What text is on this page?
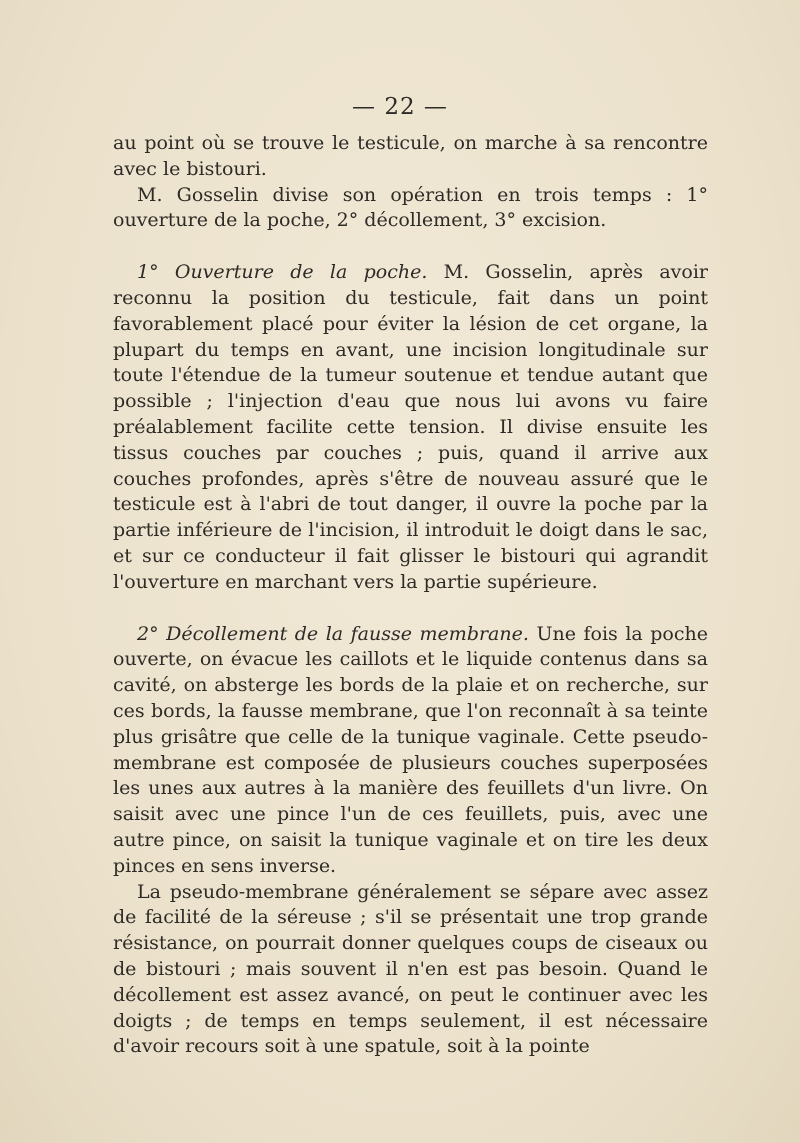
— 22 —

au point où se trouve le testicule, on marche à sa rencontre avec le bistouri.

M. Gosselin divise son opération en trois temps : 1° ouverture de la poche, 2° décollement, 3° excision.

1° Ouverture de la poche. M. Gosselin, après avoir reconnu la position du testicule, fait dans un point favorablement placé pour éviter la lésion de cet organe, la plupart du temps en avant, une incision longitudinale sur toute l'étendue de la tumeur soutenue et tendue autant que possible ; l'injection d'eau que nous lui avons vu faire préalablement facilite cette tension. Il divise ensuite les tissus couches par couches ; puis, quand il arrive aux couches profondes, après s'être de nouveau assuré que le testicule est à l'abri de tout danger, il ouvre la poche par la partie inférieure de l'incision, il introduit le doigt dans le sac, et sur ce conducteur il fait glisser le bistouri qui agrandit l'ouverture en marchant vers la partie supérieure.

2° Décollement de la fausse membrane. Une fois la poche ouverte, on évacue les caillots et le liquide contenus dans sa cavité, on absterge les bords de la plaie et on recherche, sur ces bords, la fausse membrane, que l'on reconnaît à sa teinte plus grisâtre que celle de la tunique vaginale. Cette pseudo-membrane est composée de plusieurs couches superposées les unes aux autres à la manière des feuillets d'un livre. On saisit avec une pince l'un de ces feuillets, puis, avec une autre pince, on saisit la tunique vaginale et on tire les deux pinces en sens inverse.

La pseudo-membrane généralement se sépare avec assez de facilité de la séreuse ; s'il se présentait une trop grande résistance, on pourrait donner quelques coups de ciseaux ou de bistouri ; mais souvent il n'en est pas besoin. Quand le décollement est assez avancé, on peut le continuer avec les doigts ; de temps en temps seulement, il est nécessaire d'avoir recours soit à une spatule, soit à la pointe
